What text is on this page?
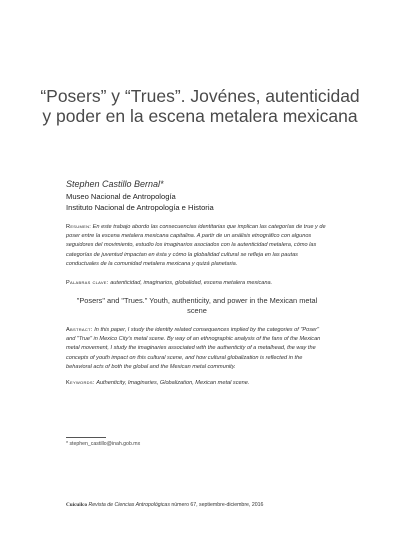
“Posers” y “Trues”. Jovénes, autenticidad y poder en la escena metalera mexicana

Stephen Castillo Bernal*

Museo Nacional de Antropología

Instituto Nacional de Antropología e Historia

Resumen: En este trabajo abordo las consecuencias identitarias que implican las categorías de true y de poser entre la escena metalera mexicana capitalina. A partir de un análisis etnográfico con algunos seguidores del movimiento, estudio los imaginarios asociados con la autenticidad metalera, cómo las categorías de juventud impactan en ésta y cómo la globalidad cultural se refleja en las pautas conductuales de la comunidad metalera mexicana y quizá planetaria.

Palabras clave: autenticidad, imaginarios, globalidad, escena metalera mexicana.

"Posers" and "Trues." Youth, authenticity, and power in the Mexican metal scene

Abstract: In this paper, I study the identity related consequences implied by the categories of "Poser" and "True" in Mexico City's metal scene. By way of an ethnographic analysis of the fans of the Mexican metal movement, I study the imaginaries associated with the authenticity of a metalhead, the way the concepts of youth impact on this cultural scene, and how cultural globalization is reflected in the behavioral acts of both the global and the Mexican metal community.

Keywords: Authenticity, Imaginaries, Globalization, Mexican metal scene.

* stephen_castillo@inah.gob.mx

Cuicuilco Revista de Ciencias Antropológicas número 67, septiembre-diciembre, 2016
